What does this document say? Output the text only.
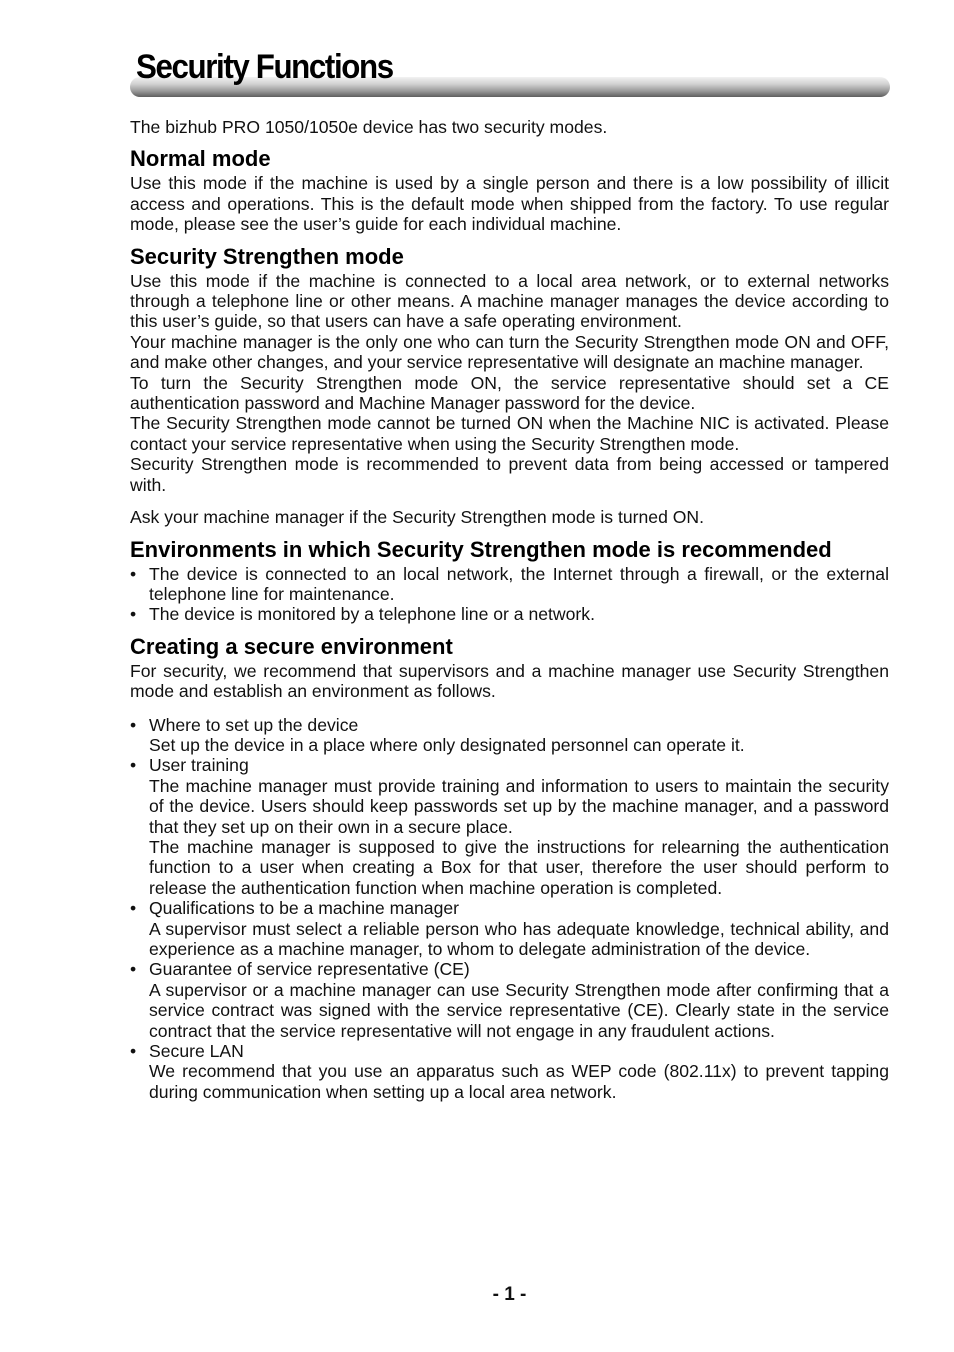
Security Functions

The bizhub PRO 1050/1050e device has two security modes.

Normal mode

Use this mode if the machine is used by a single person and there is a low possibility of illicit access and operations. This is the default mode when shipped from the factory. To use regular mode, please see the user’s guide for each individual machine.

Security Strengthen mode

Use this mode if the machine is connected to a local area network, or to external networks through a telephone line or other means. A machine manager manages the device according to this user’s guide, so that users can have a safe operating environment.

Your machine manager is the only one who can turn the Security Strengthen mode ON and OFF, and make other changes, and your service representative will designate an machine manager.

To turn the Security Strengthen mode ON, the service representative should set a CE authentication password and Machine Manager password for the device.

The Security Strengthen mode cannot be turned ON when the Machine NIC is activated. Please contact your service representative when using the Security Strengthen mode.

Security Strengthen mode is recommended to prevent data from being accessed or tampered with.

Ask your machine manager if the Security Strengthen mode is turned ON.

Environments in which Security Strengthen mode is recommended
• The device is connected to an local network, the Internet through a firewall, or the external telephone line for maintenance.
• The device is monitored by a telephone line or a network.
Creating a secure environment

For security, we recommend that supervisors and a machine manager use Security Strengthen mode and establish an environment as follows.

• Where to set up the device
Set up the device in a place where only designated personnel can operate it.
• User training
The machine manager must provide training and information to users to maintain the security of the device. Users should keep passwords set up by the machine manager, and a password that they set up on their own in a secure place.
The machine manager is supposed to give the instructions for relearning the authentication function to a user when creating a Box for that user, therefore the user should perform to release the authentication function when machine operation is completed.
• Qualifications to be a machine manager
A supervisor must select a reliable person who has adequate knowledge, technical ability, and experience as a machine manager, to whom to delegate administration of the device.
• Guarantee of service representative (CE)
A supervisor or a machine manager can use Security Strengthen mode after confirming that a service contract was signed with the service representative (CE). Clearly state in the service contract that the service representative will not engage in any fraudulent actions.
• Secure LAN
We recommend that you use an apparatus such as WEP code (802.11x) to prevent tapping during communication when setting up a local area network.
- 1 -
